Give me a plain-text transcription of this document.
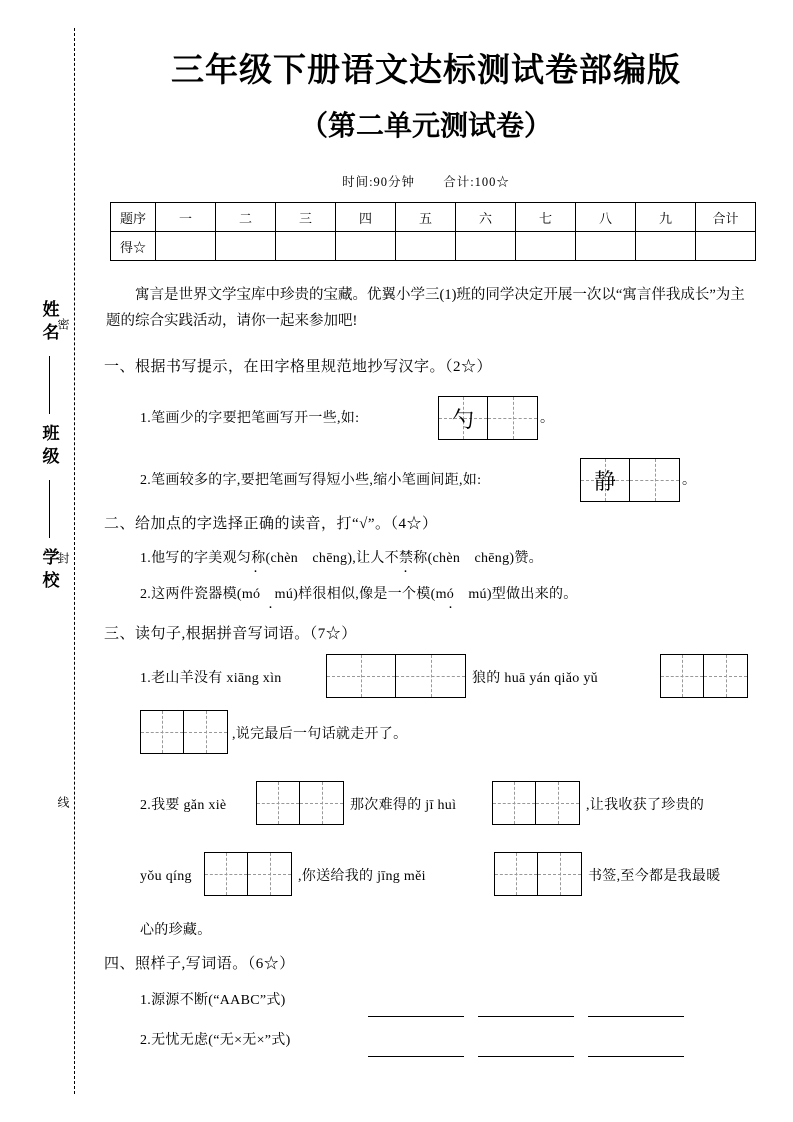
姓名
班级
学校
密
封
线
三年级下册语文达标测试卷部编版
（第二单元测试卷）
时间:90分钟 合计:100☆
题序	一	二	三	四	五	六	七	八	九	合计
得☆										
寓言是世界文学宝库中珍贵的宝藏。优翼小学三(1)班的同学决定开展一次以“寓言伴我成长”为主题的综合实践活动，请你一起来参加吧!
一、根据书写提示，在田字格里规范地抄写汉字。（2☆）
1.笔画少的字要把笔画写开一些,如:	勺	。
2.笔画较多的字,要把笔画写得短小些,缩小笔画间距,如:	静	。
二、给加点的字选择正确的读音，打“√”。（4☆）
1.他写的字美观匀称(chèn　chēng),让人不禁称(chèn　chēng)赞。
2.这两件瓷器模(mó　mú)样很相似,像是一个模(mó　mú)型做出来的。
·	·
·	·
三、读句子,根据拼音写词语。（7☆）
1.老山羊没有 xiāng xìn	狼的 huā yán qiǎo yǔ
,说完最后一句话就走开了。
2.我要 gǎn xiè	那次难得的 jī huì	,让我收获了珍贵的
yǒu qíng	,你送给我的 jīng měi	书签,至今都是我最暖
心的珍藏。
四、照样子,写词语。（6☆）
1.源源不断(“AABC”式)
2.无忧无虑(“无×无×”式)
